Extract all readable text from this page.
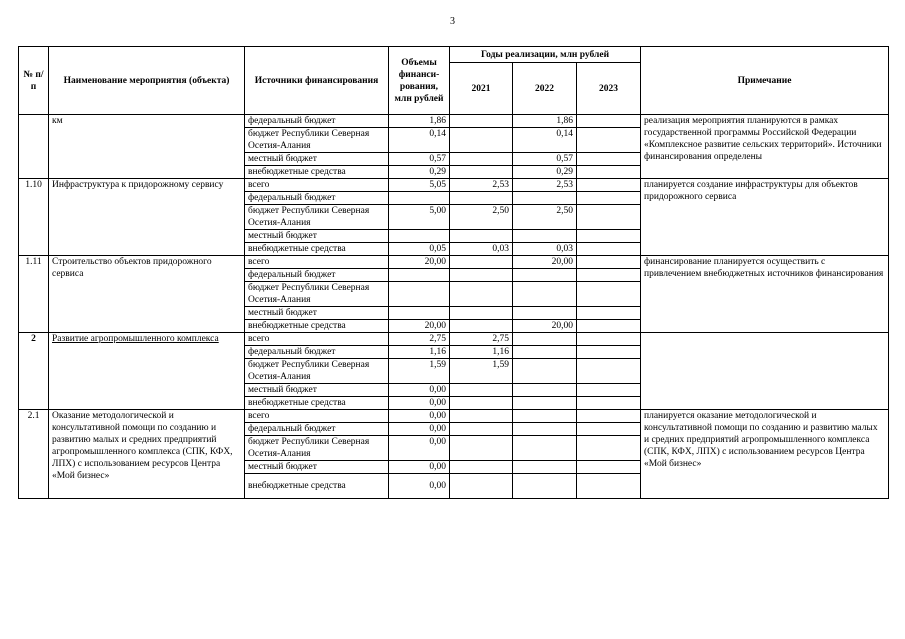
3
№ п/п	Наименование мероприятия (объекта)	Источники финансирования	Объемы финанси-рования, млн рублей	Годы реализации, млн рублей			Примечание
				2021	2022	2023	
	км	федеральный бюджет	1,86		1,86		реализация мероприятия планируются в рамках государственной программы Российской Федерации «Комплексное развитие сельских территорий». Источники финансирования определены
		бюджет Республики Северная Осетия-Алания	0,14		0,14		
		местный бюджет	0,57		0,57		
		внебюджетные средства	0,29		0,29		
1.10	Инфраструктура к придорожному сервису	всего	5,05	2,53	2,53		планируется создание инфраструктуры для объектов придорожного сервиса
		федеральный бюджет					
		бюджет Республики Северная Осетия-Алания	5,00	2,50	2,50		
		местный бюджет					
		внебюджетные средства	0,05	0,03	0,03		
1.11	Строительство объектов придорожного сервиса	всего	20,00		20,00		финансирование планируется осуществить с привлечением внебюджетных источников финансирования
		федеральный бюджет					
		бюджет Республики Северная Осетия-Алания					
		местный бюджет					
		внебюджетные средства	20,00		20,00		
2	Развитие агропромышленного комплекса	всего	2,75	2,75			
		федеральный бюджет	1,16	1,16			
		бюджет Республики Северная Осетия-Алания	1,59	1,59			
		местный бюджет	0,00				
		внебюджетные средства	0,00				
2.1	Оказание методологической и консультативной помощи по созданию и развитию малых и средних предприятий агропромышленного комплекса (СПК, КФХ, ЛПХ) с использованием ресурсов Центра «Мой бизнес»	всего	0,00				планируется оказание методологической и консультативной помощи по созданию и развитию малых и средних предприятий агропромышленного комплекса (СПК, КФХ, ЛПХ) с использованием ресурсов Центра «Мой бизнес»
		федеральный бюджет	0,00				
		бюджет Республики Северная Осетия-Алания	0,00				
		местный бюджет	0,00				
		внебюджетные средства	0,00				
